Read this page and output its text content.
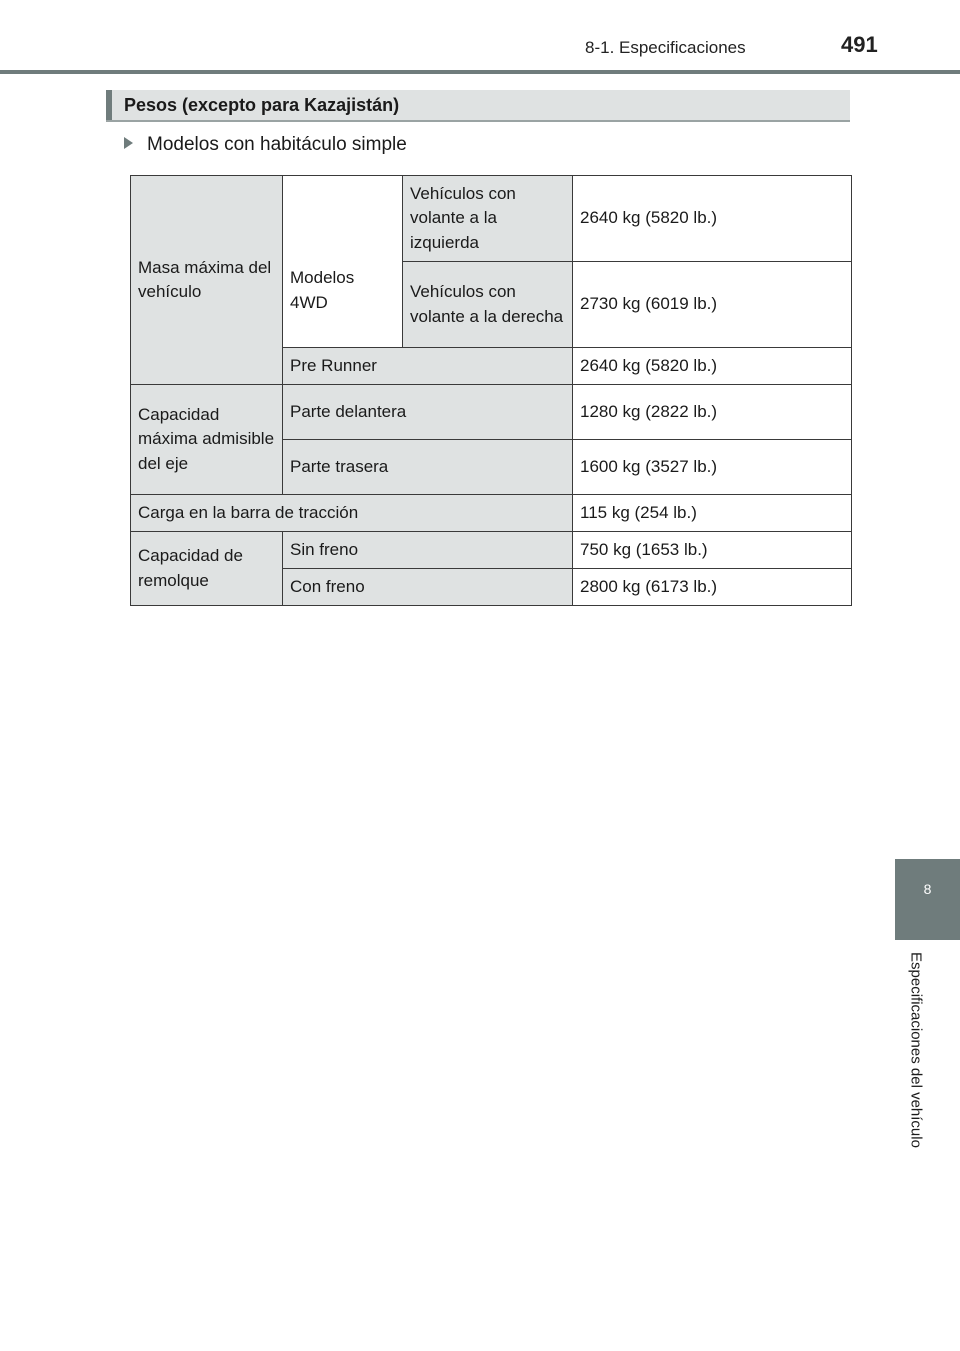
8-1. Especificaciones	491
Pesos (excepto para Kazajistán)
Modelos con habitáculo simple
Masa máxima del vehículo	Modelos 4WD	Vehículos con volante a la izquierda	2640 kg (5820 lb.)
		Vehículos con volante a la derecha	2730 kg (6019 lb.)
	Pre Runner		2640 kg (5820 lb.)
Capacidad máxima admisible del eje	Parte delantera		1280 kg (2822 lb.)
	Parte trasera		1600 kg (3527 lb.)
Carga en la barra de tracción			115 kg (254 lb.)
Capacidad de remolque	Sin freno		750 kg (1653 lb.)
	Con freno		2800 kg (6173 lb.)
8
Especificaciones del vehículo
